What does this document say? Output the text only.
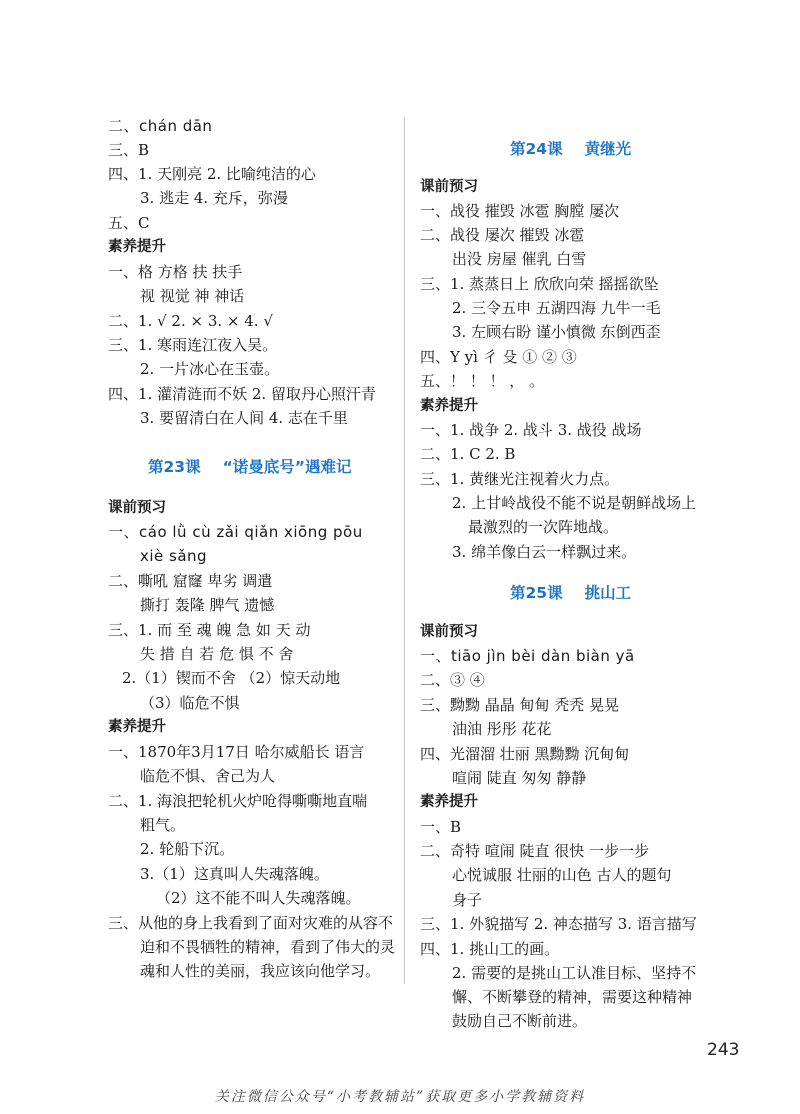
二、chán dān
三、B
四、1. 天刚亮 2. 比喻纯洁的心
3. 逃走 4. 充斥，弥漫
五、C
素养提升
一、格 方格 扶 扶手
视 视觉 神 神话
二、1. √ 2. × 3. × 4. √
三、1. 寒雨连江夜入吴。
2. 一片冰心在玉壶。
四、1. 灌清涟而不妖 2. 留取丹心照汗青
3. 要留清白在人间 4. 志在千里
第23课 “诺曼底号”遇难记
课前预习
一、cáo lǜ cù zǎi qiǎn xiōng pōu
xiè sǎng
二、嘶吼 窟窿 卑劣 调遣
撕打 轰隆 脾气 遗憾
三、1. 而 至 魂 魄 急 如 天 动
失 措 自 若 危 惧 不 舍
2.（1）锲而不舍 （2）惊天动地
（3）临危不惧
素养提升
一、1870年3月17日 哈尔威船长 语言
临危不惧、舍己为人
二、1. 海浪把轮机火炉呛得嘶嘶地直喘
粗气。
2. 轮船下沉。
3.（1）这真叫人失魂落魄。
（2）这不能不叫人失魂落魄。
三、从他的身上我看到了面对灾难的从容不
迫和不畏牺牲的精神，看到了伟大的灵
魂和人性的美丽，我应该向他学习。
第24课 黄继光
课前预习
一、战役 摧毁 冰雹 胸膛 屡次
二、战役 屡次 摧毁 冰雹
出没 房屋 催乳 白雪
三、1. 蒸蒸日上 欣欣向荣 摇摇欲坠
2. 三令五申 五湖四海 九牛一毛
3. 左顾右盼 谨小慎微 东倒西歪
四、Y yì 彳 殳 ① ② ③
五、！ ！ ！ ， 。
素养提升
一、1. 战争 2. 战斗 3. 战役 战场
二、1. C 2. B
三、1. 黄继光注视着火力点。
2. 上甘岭战役不能不说是朝鲜战场上
最激烈的一次阵地战。
3. 绵羊像白云一样飘过来。
第25课 挑山工
课前预习
一、tiāo jìn bèi dàn biàn yā
二、③ ④
三、黝黝 晶晶 甸甸 秃秃 晃晃
油油 彤彤 花花
四、光溜溜 壮丽 黑黝黝 沉甸甸
喧闹 陡直 匆匆 静静
素养提升
一、B
二、奇特 喧闹 陡直 很快 一步一步
心悦诚服 壮丽的山色 古人的题句
身子
三、1. 外貌描写 2. 神态描写 3. 语言描写
四、1. 挑山工的画。
2. 需要的是挑山工认准目标、坚持不
懈、不断攀登的精神，需要这种精神
鼓励自己不断前进。
243
关注微信公众号“小考教辅站”获取更多小学教辅资料
